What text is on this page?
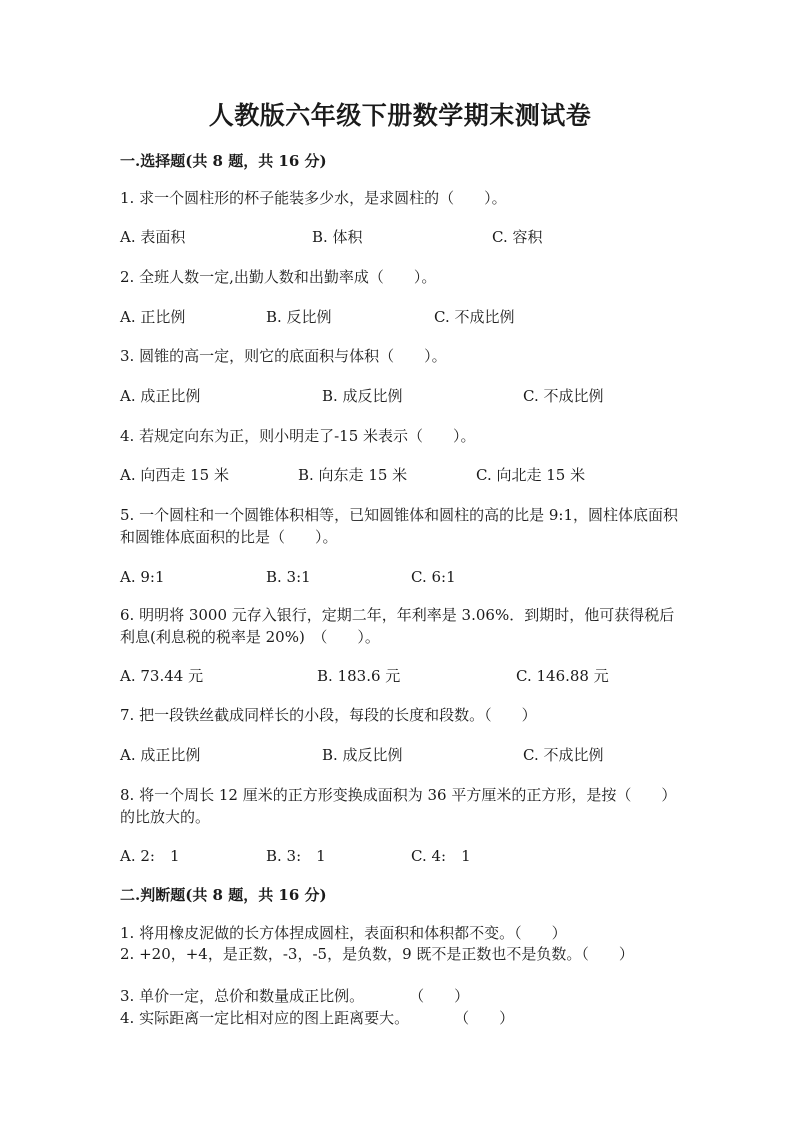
人教版六年级下册数学期末测试卷
一.选择题(共 8 题，共 16 分)
1. 求一个圆柱形的杯子能装多少水，是求圆柱的（　　）。
A. 表面积	B. 体积	C. 容积
2. 全班人数一定,出勤人数和出勤率成（　　）。
A. 正比例	B. 反比例	C. 不成比例
3. 圆锥的高一定，则它的底面积与体积（　　）。
A. 成正比例	B. 成反比例	C. 不成比例
4. 若规定向东为正，则小明走了-15 米表示（　　）。
A. 向西走 15 米	B. 向东走 15 米	C. 向北走 15 米
5. 一个圆柱和一个圆锥体积相等，已知圆锥体和圆柱的高的比是 9:1，圆柱体底面积和圆锥体底面积的比是（　　）。
A. 9:1	B. 3:1	C. 6:1
6. 明明将 3000 元存入银行，定期二年，年利率是 3.06%．到期时，他可获得税后利息(利息税的税率是 20%)　（　　）。
A. 73.44 元	B. 183.6 元	C. 146.88 元
7. 把一段铁丝截成同样长的小段，每段的长度和段数。（　　）
A. 成正比例	B. 成反比例	C. 不成比例
8. 将一个周长 12 厘米的正方形变换成面积为 36 平方厘米的正方形，是按（　　）的比放大的。
A. 2:　1	B. 3:　1	C. 4:　1
二.判断题(共 8 题，共 16 分)
1. 将用橡皮泥做的长方体捏成圆柱，表面积和体积都不变。（　　）
2. +20，+4，是正数，-3，-5，是负数，9 既不是正数也不是负数。（　　）
3. 单价一定，总价和数量成正比例。　　　　（　　）
4. 实际距离一定比相对应的图上距离要大。　　　　（　　）
